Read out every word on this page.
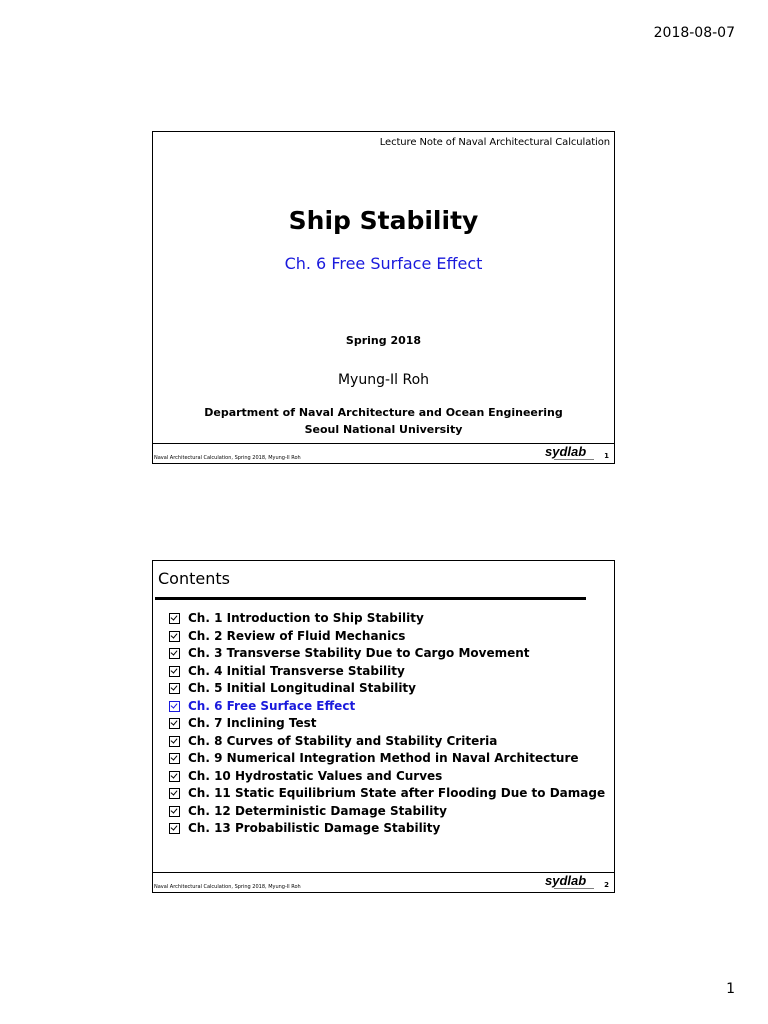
2018-08-07
Lecture Note of Naval Architectural Calculation
Ship Stability
Ch. 6 Free Surface Effect
Spring 2018
Myung-Il Roh
Department of Naval Architecture and Ocean Engineering
Seoul National University
Naval Architectural Calculation, Spring 2018, Myung-Il Roh	sydlab	1
Contents
Ch. 1 Introduction to Ship Stability
Ch. 2 Review of Fluid Mechanics
Ch. 3 Transverse Stability Due to Cargo Movement
Ch. 4 Initial Transverse Stability
Ch. 5 Initial Longitudinal Stability
Ch. 6 Free Surface Effect
Ch. 7 Inclining Test
Ch. 8 Curves of Stability and Stability Criteria
Ch. 9 Numerical Integration Method in Naval Architecture
Ch. 10 Hydrostatic Values and Curves
Ch. 11 Static Equilibrium State after Flooding Due to Damage
Ch. 12 Deterministic Damage Stability
Ch. 13 Probabilistic Damage Stability
Naval Architectural Calculation, Spring 2018, Myung-Il Roh	sydlab	2
1
